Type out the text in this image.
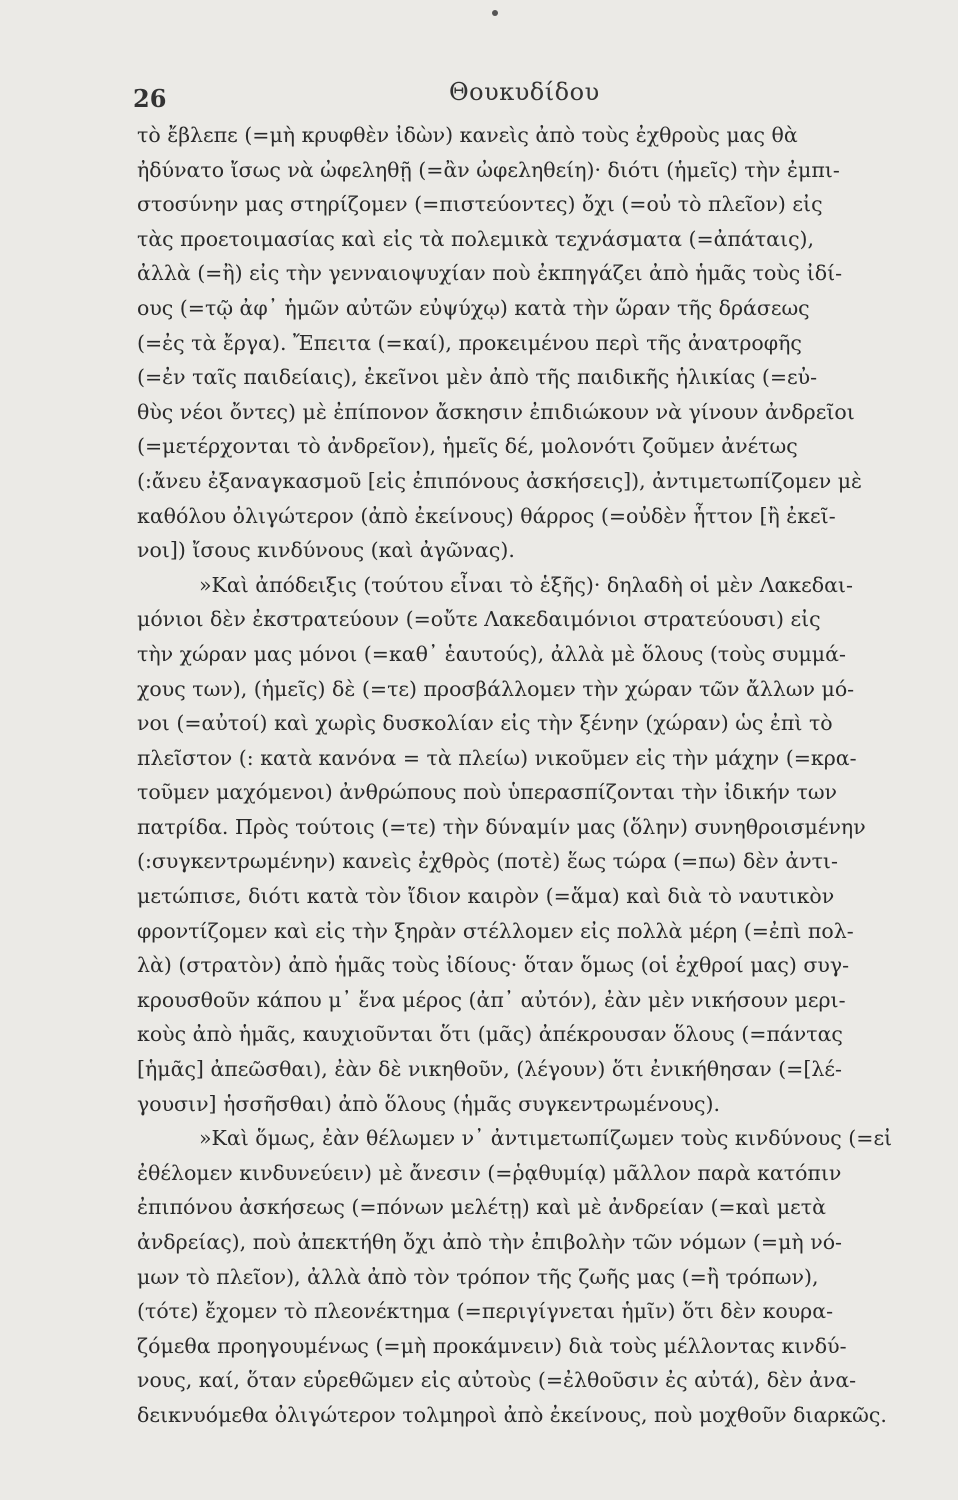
26	Θουκυδίδου
τὸ ἔβλεπε (=μὴ κρυφθὲν ἰδὼν) κανεὶς ἀπὸ τοὺς ἐχθροὺς μας θὰ
ἠδύνατο ἴσως νὰ ὠφεληθῇ (=ἂν ὠφεληθείη)· διότι (ἡμεῖς) τὴν ἐμπι-
στοσύνην μας στηρίζομεν (=πιστεύοντες) ὄχι (=οὐ τὸ πλεῖον) εἰς
τὰς προετοιμασίας καὶ εἰς τὰ πολεμικὰ τεχνάσματα (=ἀπάταις),
ἀλλὰ (=ἢ) εἰς τὴν γενναιοψυχίαν ποὺ ἐκπηγάζει ἀπὸ ἡμᾶς τοὺς ἰδί-
ους (=τῷ ἀφ᾿ ἡμῶν αὐτῶν εὐψύχῳ) κατὰ τὴν ὥραν τῆς δράσεως
(=ἐς τὰ ἔργα). Ἔπειτα (=καί), προκειμένου περὶ τῆς ἀνατροφῆς
(=ἐν ταῖς παιδείαις), ἐκεῖνοι μὲν ἀπὸ τῆς παιδικῆς ἡλικίας (=εὐ-
θὺς νέοι ὄντες) μὲ ἐπίπονον ἄσκησιν ἐπιδιώκουν νὰ γίνουν ἀνδρεῖοι
(=μετέρχονται τὸ ἀνδρεῖον), ἡμεῖς δέ, μολονότι ζοῦμεν ἀνέτως
(:ἄνευ ἐξαναγκασμοῦ [εἰς ἐπιπόνους ἀσκήσεις]), ἀντιμετωπίζομεν μὲ
καθόλου ὀλιγώτερον (ἀπὸ ἐκείνους) θάρρος (=οὐδὲν ἧττον [ἢ ἐκεῖ-
νοι]) ἴσους κινδύνους (καὶ ἀγῶνας).
»Καὶ ἀπόδειξις (τούτου εἶναι τὸ ἑξῆς)· δηλαδὴ οἱ μὲν Λακεδαι-
μόνιοι δὲν ἐκστρατεύουν (=οὔτε Λακεδαιμόνιοι στρατεύουσι) εἰς
τὴν χώραν μας μόνοι (=καθ᾿ ἑαυτούς), ἀλλὰ μὲ ὅλους (τοὺς συμμά-
χους των), (ἡμεῖς) δὲ (=τε) προσβάλλομεν τὴν χώραν τῶν ἄλλων μό-
νοι (=αὐτοί) καὶ χωρὶς δυσκολίαν εἰς τὴν ξένην (χώραν) ὡς ἐπὶ τὸ
πλεῖστον (: κατὰ κανόνα = τὰ πλείω) νικοῦμεν εἰς τὴν μάχην (=κρα-
τοῦμεν μαχόμενοι) ἀνθρώπους ποὺ ὑπερασπίζονται τὴν ἰδικήν των
πατρίδα. Πρὸς τούτοις (=τε) τὴν δύναμίν μας (ὅλην) συνηθροισμένην
(:συγκεντρωμένην) κανεὶς ἐχθρὸς (ποτὲ) ἕως τώρα (=πω) δὲν ἀντι-
μετώπισε, διότι κατὰ τὸν ἴδιον καιρὸν (=ἅμα) καὶ διὰ τὸ ναυτικὸν
φροντίζομεν καὶ εἰς τὴν ξηρὰν στέλλομεν εἰς πολλὰ μέρη (=ἐπὶ πολ-
λὰ) (στρατὸν) ἀπὸ ἡμᾶς τοὺς ἰδίους· ὅταν ὅμως (οἱ ἐχθροί μας) συγ-
κρουσθοῦν κάπου μ᾿ ἕνα μέρος (ἀπ᾿ αὐτόν), ἐὰν μὲν νικήσουν μερι-
κοὺς ἀπὸ ἡμᾶς, καυχιοῦνται ὅτι (μᾶς) ἀπέκρουσαν ὅλους (=πάντας
[ἡμᾶς] ἀπεῶσθαι), ἐὰν δὲ νικηθοῦν, (λέγουν) ὅτι ἐνικήθησαν (=[λέ-
γουσιν] ἡσσῆσθαι) ἀπὸ ὅλους (ἡμᾶς συγκεντρωμένους).
»Καὶ ὅμως, ἐὰν θέλωμεν ν᾿ ἀντιμετωπίζωμεν τοὺς κινδύνους (=εἰ
ἐθέλομεν κινδυνεύειν) μὲ ἄνεσιν (=ῥᾳθυμίᾳ) μᾶλλον παρὰ κατόπιν
ἐπιπόνου ἀσκήσεως (=πόνων μελέτῃ) καὶ μὲ ἀνδρείαν (=καὶ μετὰ
ἀνδρείας), ποὺ ἀπεκτήθη ὄχι ἀπὸ τὴν ἐπιβολὴν τῶν νόμων (=μὴ νό-
μων τὸ πλεῖον), ἀλλὰ ἀπὸ τὸν τρόπον τῆς ζωῆς μας (=ἢ τρόπων),
(τότε) ἔχομεν τὸ πλεονέκτημα (=περιγίγνεται ἡμῖν) ὅτι δὲν κουρα-
ζόμεθα προηγουμένως (=μὴ προκάμνειν) διὰ τοὺς μέλλοντας κινδύ-
νους, καί, ὅταν εὑρεθῶμεν εἰς αὐτοὺς (=ἐλθοῦσιν ἐς αὐτά), δὲν ἀνα-
δεικνυόμεθα ὀλιγώτερον τολμηροὶ ἀπὸ ἐκείνους, ποὺ μοχθοῦν διαρκῶς.
